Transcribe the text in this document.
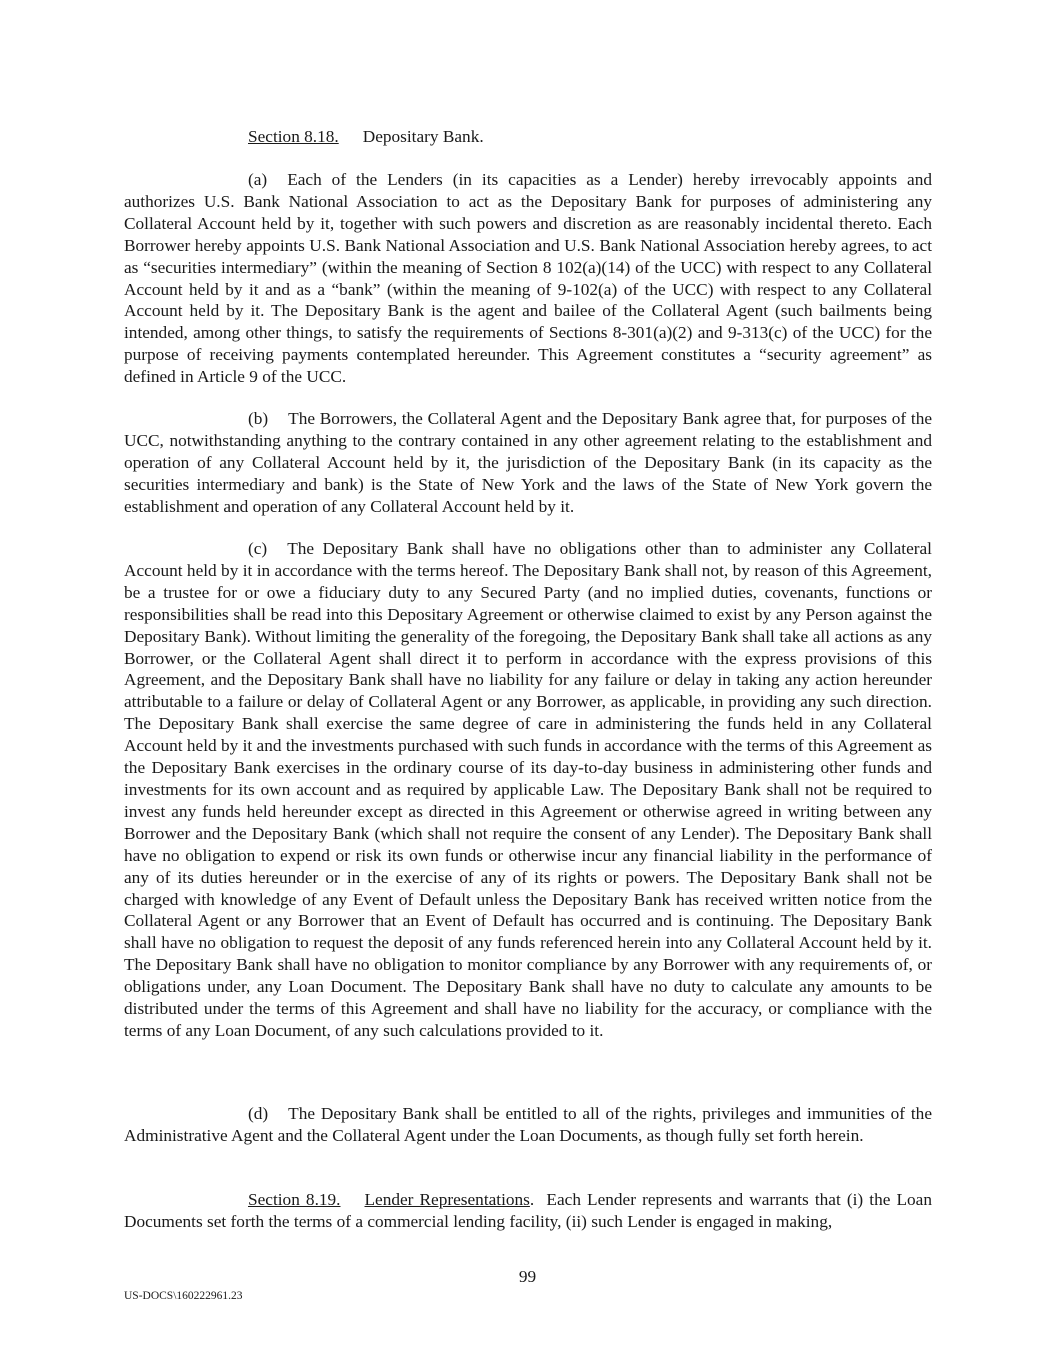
Section 8.18. Depositary Bank.

(a) Each of the Lenders (in its capacities as a Lender) hereby irrevocably appoints and authorizes U.S. Bank National Association to act as the Depositary Bank for purposes of administering any Collateral Account held by it, together with such powers and discretion as are reasonably incidental thereto. Each Borrower hereby appoints U.S. Bank National Association and U.S. Bank National Association hereby agrees, to act as “securities intermediary” (within the meaning of Section 8 102(a)(14) of the UCC) with respect to any Collateral Account held by it and as a “bank” (within the meaning of 9-102(a) of the UCC) with respect to any Collateral Account held by it. The Depositary Bank is the agent and bailee of the Collateral Agent (such bailments being intended, among other things, to satisfy the requirements of Sections 8-301(a)(2) and 9-313(c) of the UCC) for the purpose of receiving payments contemplated hereunder. This Agreement constitutes a “security agreement” as defined in Article 9 of the UCC.

(b) The Borrowers, the Collateral Agent and the Depositary Bank agree that, for purposes of the UCC, notwithstanding anything to the contrary contained in any other agreement relating to the establishment and operation of any Collateral Account held by it, the jurisdiction of the Depositary Bank (in its capacity as the securities intermediary and bank) is the State of New York and the laws of the State of New York govern the establishment and operation of any Collateral Account held by it.

(c) The Depositary Bank shall have no obligations other than to administer any Collateral Account held by it in accordance with the terms hereof. The Depositary Bank shall not, by reason of this Agreement, be a trustee for or owe a fiduciary duty to any Secured Party (and no implied duties, covenants, functions or responsibilities shall be read into this Depositary Agreement or otherwise claimed to exist by any Person against the Depositary Bank). Without limiting the generality of the foregoing, the Depositary Bank shall take all actions as any Borrower, or the Collateral Agent shall direct it to perform in accordance with the express provisions of this Agreement, and the Depositary Bank shall have no liability for any failure or delay in taking any action hereunder attributable to a failure or delay of Collateral Agent or any Borrower, as applicable, in providing any such direction. The Depositary Bank shall exercise the same degree of care in administering the funds held in any Collateral Account held by it and the investments purchased with such funds in accordance with the terms of this Agreement as the Depositary Bank exercises in the ordinary course of its day-to-day business in administering other funds and investments for its own account and as required by applicable Law. The Depositary Bank shall not be required to invest any funds held hereunder except as directed in this Agreement or otherwise agreed in writing between any Borrower and the Depositary Bank (which shall not require the consent of any Lender). The Depositary Bank shall have no obligation to expend or risk its own funds or otherwise incur any financial liability in the performance of any of its duties hereunder or in the exercise of any of its rights or powers. The Depositary Bank shall not be charged with knowledge of any Event of Default unless the Depositary Bank has received written notice from the Collateral Agent or any Borrower that an Event of Default has occurred and is continuing. The Depositary Bank shall have no obligation to request the deposit of any funds referenced herein into any Collateral Account held by it. The Depositary Bank shall have no obligation to monitor compliance by any Borrower with any requirements of, or obligations under, any Loan Document. The Depositary Bank shall have no duty to calculate any amounts to be distributed under the terms of this Agreement and shall have no liability for the accuracy, or compliance with the terms of any Loan Document, of any such calculations provided to it.

(d) The Depositary Bank shall be entitled to all of the rights, privileges and immunities of the Administrative Agent and the Collateral Agent under the Loan Documents, as though fully set forth herein.

Section 8.19. Lender Representations. Each Lender represents and warrants that (i) the Loan Documents set forth the terms of a commercial lending facility, (ii) such Lender is engaged in making,

99
US-DOCS\160222961.23
